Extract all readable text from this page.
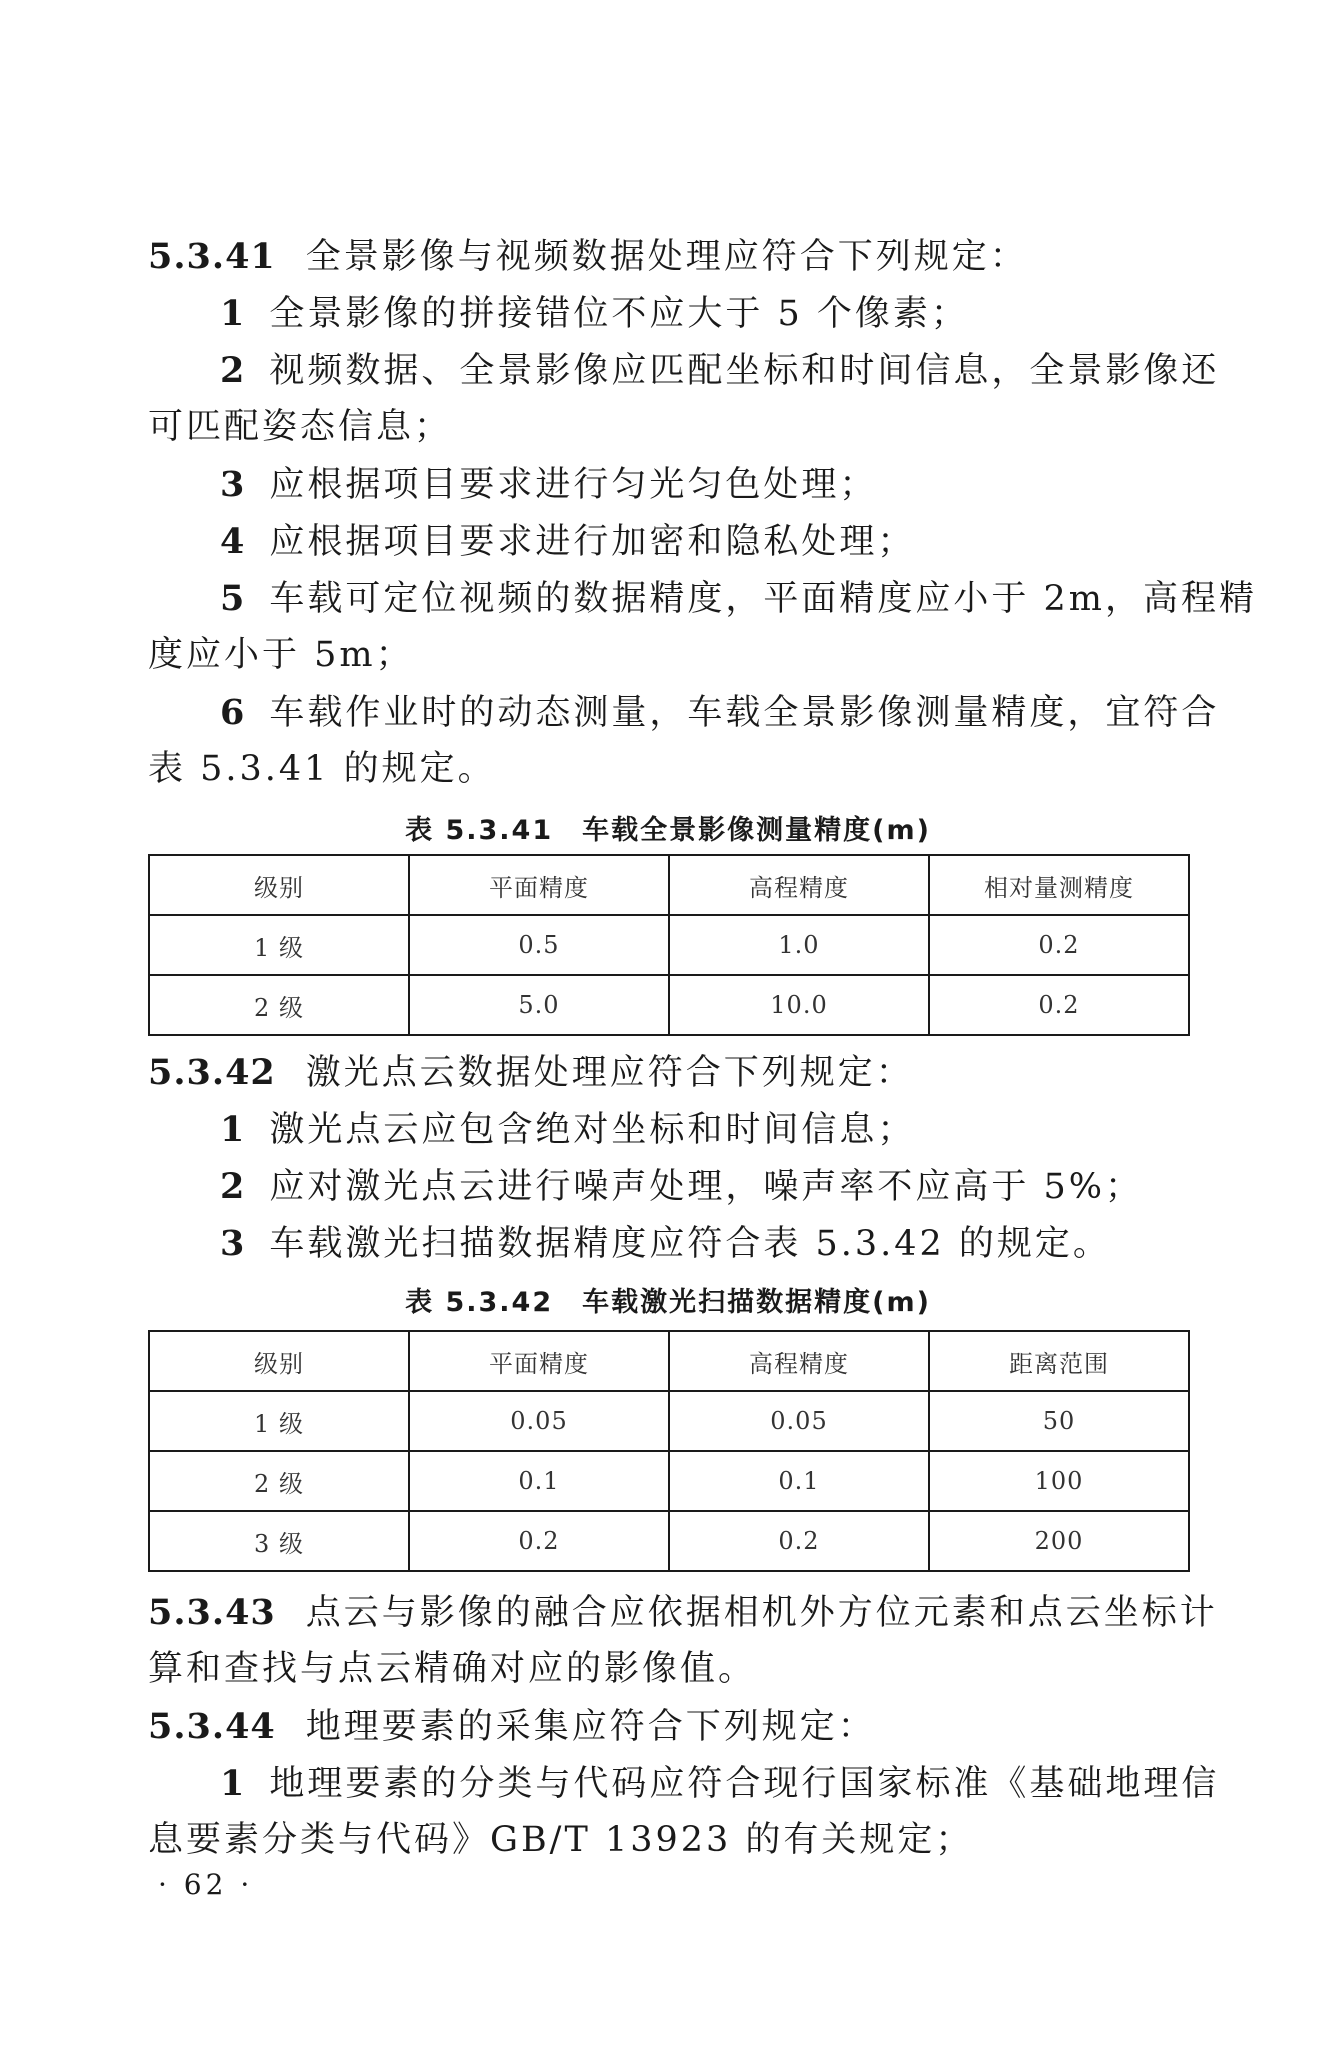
5.3.41 全景影像与视频数据处理应符合下列规定：
1 全景影像的拼接错位不应大于 5 个像素；
2 视频数据、全景影像应匹配坐标和时间信息，全景影像还
可匹配姿态信息；
3 应根据项目要求进行匀光匀色处理；
4 应根据项目要求进行加密和隐私处理；
5 车载可定位视频的数据精度，平面精度应小于 2m，高程精
度应小于 5m；
6 车载作业时的动态测量，车载全景影像测量精度，宜符合
表 5.3.41 的规定。
表 5.3.41　车载全景影像测量精度(m)
级别	平面精度	高程精度	相对量测精度
1 级	0.5	1.0	0.2
2 级	5.0	10.0	0.2
5.3.42 激光点云数据处理应符合下列规定：
1 激光点云应包含绝对坐标和时间信息；
2 应对激光点云进行噪声处理，噪声率不应高于 5%；
3 车载激光扫描数据精度应符合表 5.3.42 的规定。
表 5.3.42　车载激光扫描数据精度(m)
级别	平面精度	高程精度	距离范围
1 级	0.05	0.05	50
2 级	0.1	0.1	100
3 级	0.2	0.2	200
5.3.43 点云与影像的融合应依据相机外方位元素和点云坐标计
算和查找与点云精确对应的影像值。
5.3.44 地理要素的采集应符合下列规定：
1 地理要素的分类与代码应符合现行国家标准《基础地理信
息要素分类与代码》GB/T 13923 的有关规定；
· 62 ·
